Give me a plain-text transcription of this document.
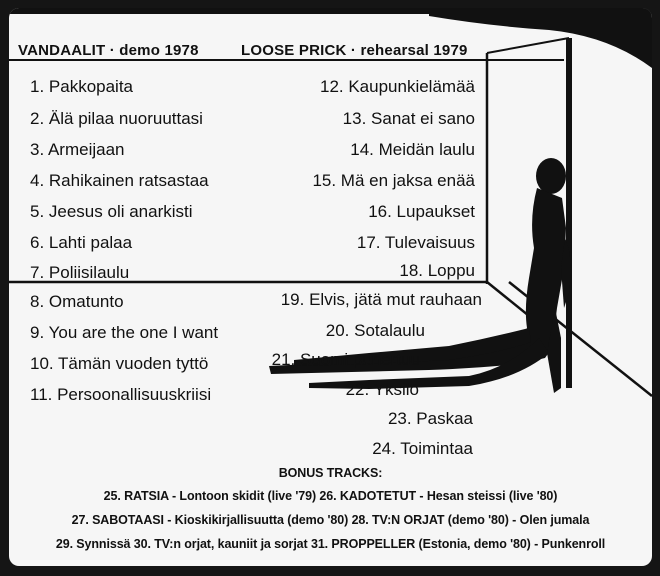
VANDAALIT · demo 1978	LOOSE PRICK · rehearsal 1979
1. Pakkopaita
2. Älä pilaa nuoruuttasi
3. Armeijaan
4. Rahikainen ratsastaa
5. Jeesus oli anarkisti
6. Lahti palaa
7. Poliisilaulu
8. Omatunto
9. You are the one I want
10. Tämän vuoden tyttö
11. Persoonallisuuskriisi
12. Kaupunkielämää
13. Sanat ei sano
14. Meidän laulu
15. Mä en jaksa enää
16. Lupaukset
17. Tulevaisuus
18. Loppu
19. Elvis, jätä mut rauhaan
20. Sotalaulu
21. Suomi punertuu
22. Yksilö
23. Paskaa
24. Toimintaa
BONUS TRACKS:
25. RATSIA - Lontoon skidit (live '79) 26. KADOTETUT - Hesan steissi (live '80)
27. SABOTAASI - Kioskikirjallisuutta (demo '80) 28. TV:N ORJAT (demo '80) - Olen jumala
29. Synnissä 30. TV:n orjat, kauniit ja sorjat 31. PROPPELLER (Estonia, demo '80) - Punkenroll
